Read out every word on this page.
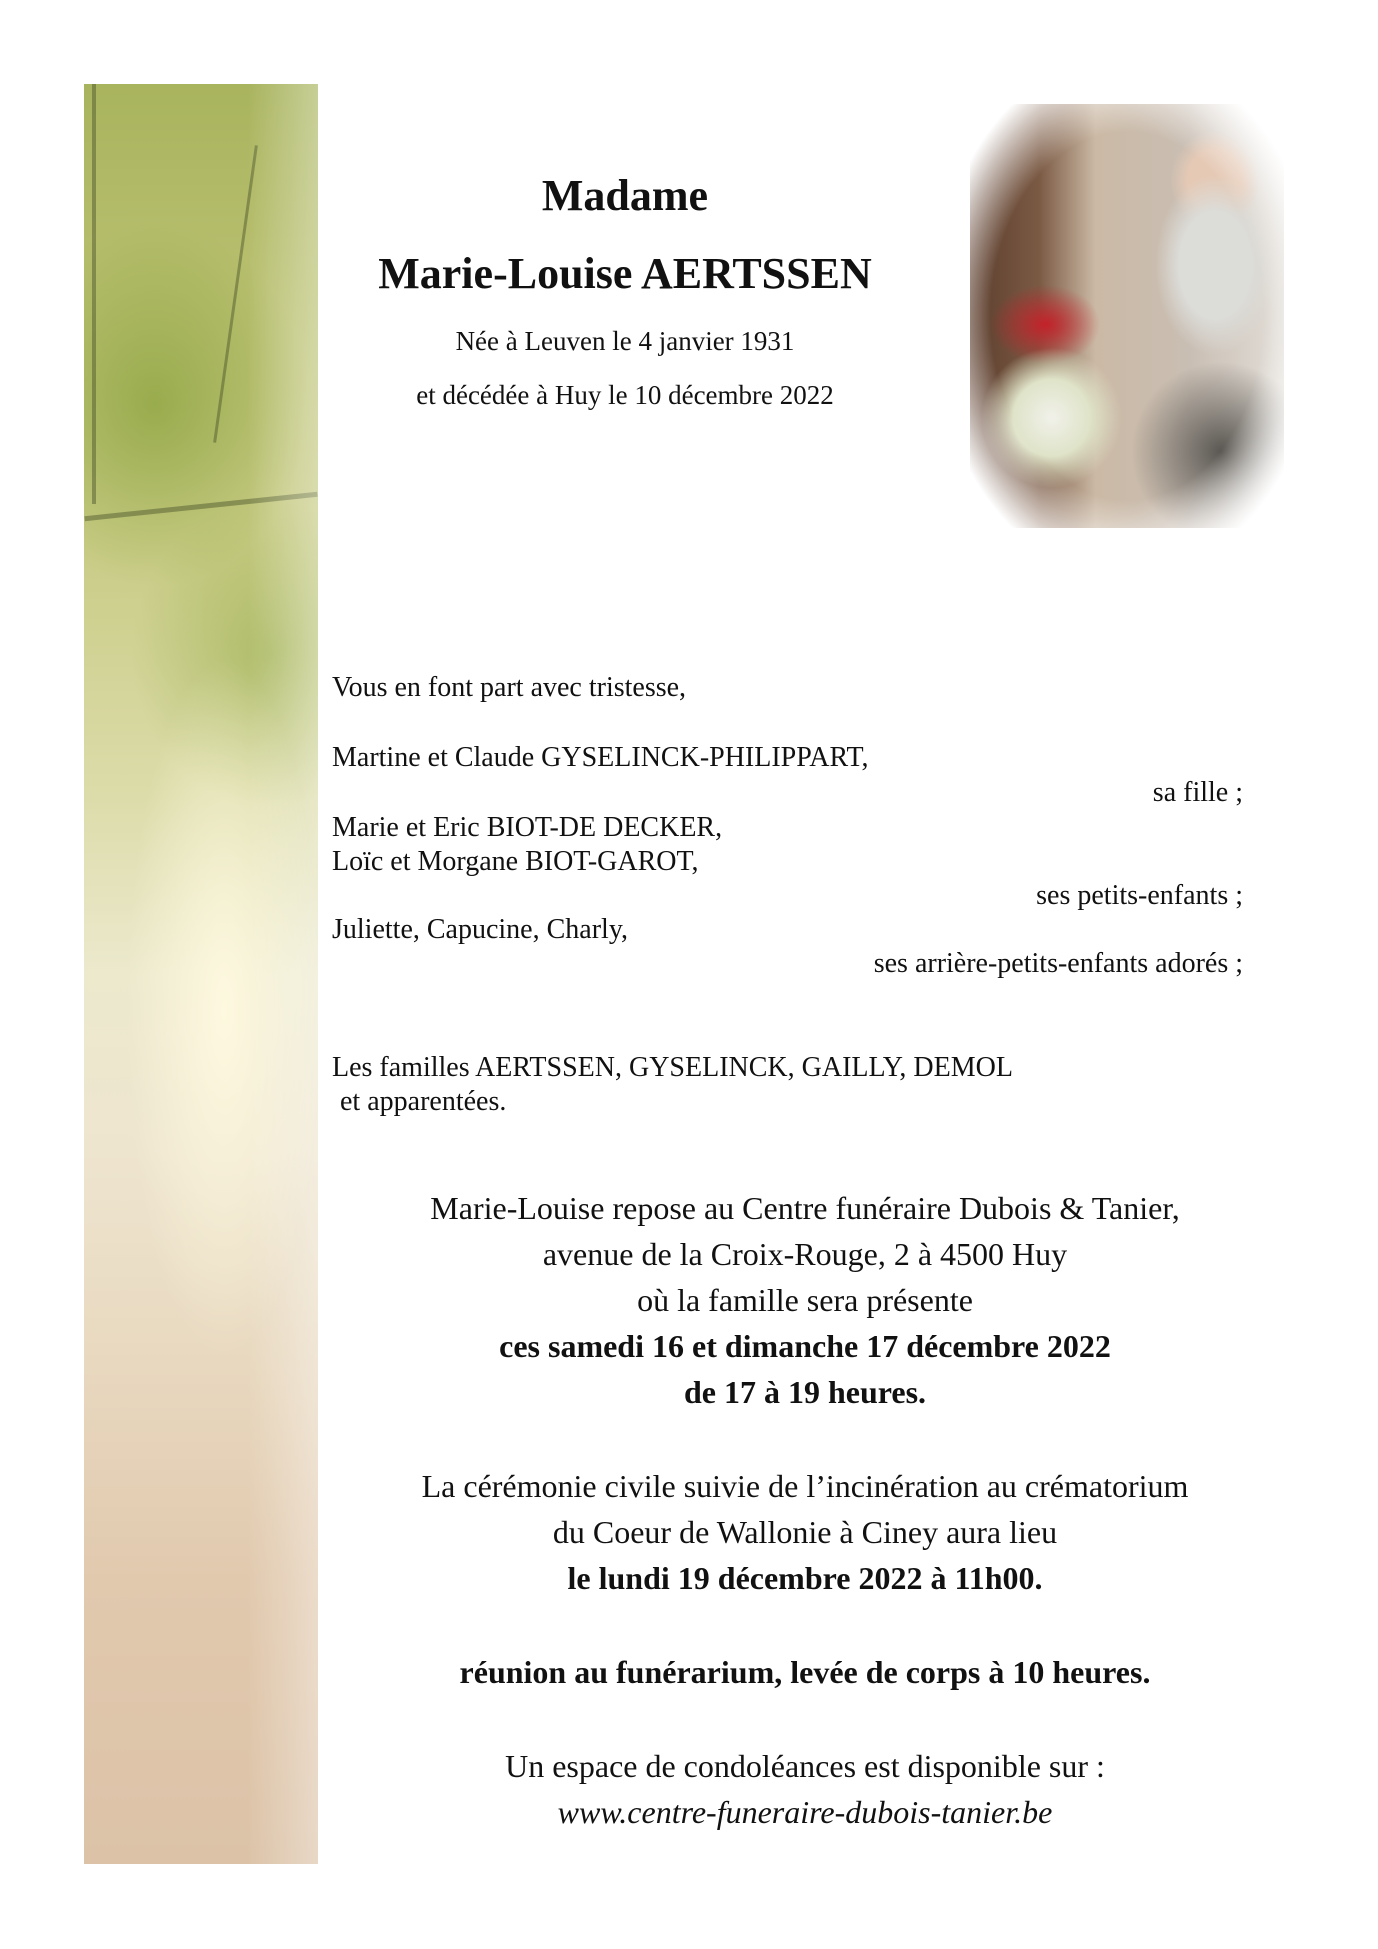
Madame

Marie-Louise AERTSSEN

Née à Leuven le 4 janvier 1931

et décédée à Huy le 10 décembre 2022

Vous en font part avec tristesse,

Martine et Claude GYSELINCK-PHILIPPART,

sa fille ;

Marie et Eric BIOT-DE DECKER,

Loïc et Morgane BIOT-GAROT,

ses petits-enfants ;

Juliette, Capucine, Charly,

ses arrière-petits-enfants adorés ;

Les familles AERTSSEN, GYSELINCK, GAILLY, DEMOL

et apparentées.

Marie-Louise repose au Centre funéraire Dubois & Tanier,

avenue de la Croix-Rouge, 2 à 4500 Huy

où la famille sera présente

ces samedi 16 et dimanche 17 décembre 2022

de 17 à 19 heures.

La cérémonie civile suivie de l’incinération au crématorium

du Coeur de Wallonie à Ciney aura lieu

le lundi 19 décembre 2022 à 11h00.

réunion au funérarium, levée de corps à 10 heures.

Un espace de condoléances est disponible sur :

www.centre-funeraire-dubois-tanier.be
